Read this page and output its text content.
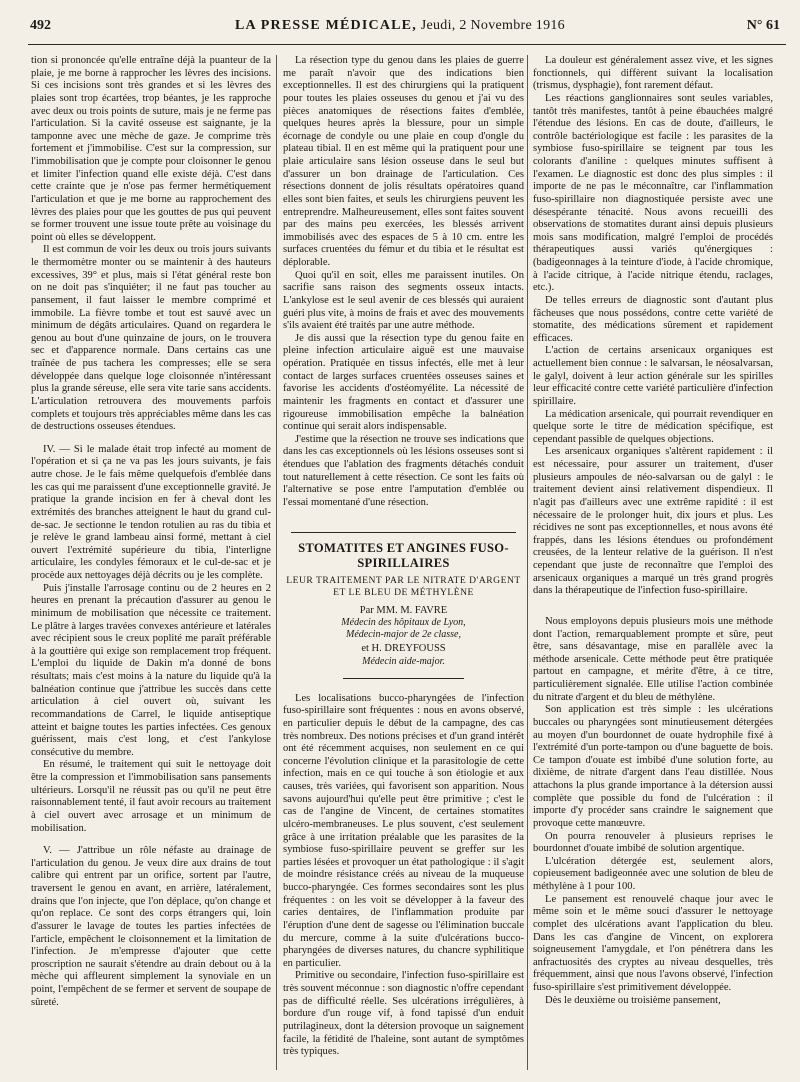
492	LA PRESSE MÉDICALE, Jeudi, 2 Novembre 1916	N° 61

tion si prononcée qu'elle entraîne déjà la puanteur de la plaie, je me borne à rapprocher les lèvres des incisions. Si ces incisions sont très grandes et si les lèvres des plaies sont trop écartées, trop béantes, je les rapproche avec deux ou trois points de suture, mais je ne ferme pas l'articulation. Si la cavité osseuse est saignante, je la tamponne avec une mèche de gaze. Je comprime très fortement et j'immobilise. C'est sur la compression, sur l'immobilisation que je compte pour cloisonner le genou et limiter l'infection quand elle existe déjà. C'est dans cette crainte que je n'ose pas fermer hermétiquement l'articulation et que je me borne au rapprochement des lèvres des plaies pour que les gouttes de pus qui peuvent se former trouvent une issue toute prête au voisinage du point où elles se développent.

Il est commun de voir les deux ou trois jours suivants le thermomètre monter ou se maintenir à des hauteurs excessives, 39° et plus, mais si l'état général reste bon on ne doit pas s'inquiéter; il ne faut pas toucher au pansement, il faut laisser le membre comprimé et immobile. La fièvre tombe et tout est sauvé avec un minimum de dégâts articulaires. Quand on regardera le genou au bout d'une quinzaine de jours, on le trouvera sec et d'apparence normale. Dans certains cas une traînée de pus tachera les compresses; elle se sera développée dans quelque loge cloisonnée n'intéressant plus la grande séreuse, elle sera vite tarie sans accidents. L'articulation retrouvera des mouvements parfois complets et toujours très appréciables même dans les cas de destructions osseuses étendues.

IV. — Si le malade était trop infecté au moment de l'opération et si ça ne va pas les jours suivants, je fais autre chose. Je le fais même quelquefois d'emblée dans les cas qui me paraissent d'une exceptionnelle gravité. Je pratique la grande incision en fer à cheval dont les extrémités des branches atteignent le haut du grand cul-de-sac. Je sectionne le tendon rotulien au ras du tibia et je relève le grand lambeau ainsi formé, mettant à ciel ouvert l'extrémité supérieure du tibia, l'interligne articulaire, les condyles fémoraux et le cul-de-sac et je procède aux nettoyages déjà décrits ou je les complète.

Puis j'installe l'arrosage continu ou de 2 heures en 2 heures en prenant la précaution d'assurer au genou le minimum de mobilisation que nécessite ce traitement. Le plâtre à larges travées convexes antérieure et latérales avec récipient sous le creux poplité me paraît préférable à la gouttière qui exige son remplacement trop fréquent. L'emploi du liquide de Dakin m'a donné de bons résultats; mais c'est moins à la nature du liquide qu'à la balnéation continue que j'attribue les succès dans cette articulation à ciel ouvert où, suivant les recommandations de Carrel, le liquide antiseptique atteint et baigne toutes les parties infectées. Ces genoux guérissent, mais c'est long, et c'est l'ankylose consécutive du membre.

En résumé, le traitement qui suit le nettoyage doit être la compression et l'immobilisation sans pansements ultérieurs. Lorsqu'il ne réussit pas ou qu'il ne peut être raisonnablement tenté, il faut avoir recours au traitement à ciel ouvert avec arrosage et un minimum de mobilisation.

V. — J'attribue un rôle néfaste au drainage de l'articulation du genou. Je veux dire aux drains de tout calibre qui entrent par un orifice, sortent par l'autre, traversent le genou en avant, en arrière, latéralement, drains que l'on injecte, que l'on déplace, qu'on change et qu'on replace. Ce sont des corps étrangers qui, loin d'assurer le lavage de toutes les parties infectées de l'article, empêchent le cloisonnement et la limitation de l'infection. Je m'empresse d'ajouter que cette proscription ne saurait s'étendre au drain debout ou à la mèche qui affleurent simplement la synoviale en un point, l'empêchent de se fermer et servent de soupape de sûreté.

La résection type du genou dans les plaies de guerre me paraît n'avoir que des indications bien exceptionnelles. Il est des chirurgiens qui la pratiquent pour toutes les plaies osseuses du genou et j'ai vu des pièces anatomiques de résections faites d'emblée, quelques heures après la blessure, pour un simple écornage de condyle ou une plaie en coup d'ongle du plateau tibial. Il en est même qui la pratiquent pour une plaie articulaire sans lésion osseuse dans le seul but d'assurer un bon drainage de l'articulation. Ces résections donnent de jolis résultats opératoires quand elles sont bien faites, et seuls les chirurgiens peuvent les entreprendre. Malheureusement, elles sont faites souvent par des mains peu exercées, les blessés arrivent immobilisés avec des espaces de 5 à 10 cm. entre les surfaces cruentées du fémur et du tibia et le résultat est déplorable.

Quoi qu'il en soit, elles me paraissent inutiles. On sacrifie sans raison des segments osseux intacts. L'ankylose est le seul avenir de ces blessés qui auraient guéri plus vite, à moins de frais et avec des mouvements s'ils avaient été traités par une autre méthode.

Je dis aussi que la résection type du genou faite en pleine infection articulaire aiguë est une mauvaise opération. Pratiquée en tissus infectés, elle met à leur contact de larges surfaces cruentées osseuses saines et favorise les accidents d'ostéomyélite. La nécessité de maintenir les fragments en contact et d'assurer une rigoureuse immobilisation empêche la balnéation continue qui serait alors indispensable.

J'estime que la résection ne trouve ses indications que dans les cas exceptionnels où les lésions osseuses sont si étendues que l'ablation des fragments détachés conduit tout naturellement à cette résection. Ce sont les faits où l'alternative se pose entre l'amputation d'emblée ou l'essai momentané d'une résection.

STOMATITES ET ANGINES FUSO-SPIRILLAIRES
LEUR TRAITEMENT PAR LE NITRATE D'ARGENT
ET LE BLEU DE MÉTHYLÈNE
Par MM. M. FAVRE
Médecin des hôpitaux de Lyon,
Médecin-major de 2e classe,
et H. DREYFOUSS
Médecin aide-major.

Les localisations bucco-pharyngées de l'infection fuso-spirillaire sont fréquentes : nous en avons observé, en particulier depuis le début de la campagne, des cas très nombreux. Des notions précises et d'un grand intérêt ont été récemment acquises, non seulement en ce qui concerne l'évolution clinique et la parasitologie de cette infection, mais en ce qui touche à son étiologie et aux causes, très variées, qui favorisent son apparition. Nous savons aujourd'hui qu'elle peut être primitive ; c'est le cas de l'angine de Vincent, de certaines stomatites ulcéro-membraneuses. Le plus souvent, c'est seulement grâce à une irritation préalable que les parasites de la symbiose fuso-spirillaire peuvent se greffer sur les parties lésées et provoquer un état pathologique : il s'agit de moindre résistance créés au niveau de la muqueuse bucco-pharyngée. Ces formes secondaires sont les plus fréquentes : on les voit se développer à la faveur des caries dentaires, de l'inflammation produite par l'éruption d'une dent de sagesse ou l'élimination buccale du mercure, comme à la suite d'ulcérations bucco-pharyngées de diverses natures, du chancre syphilitique en particulier.

Primitive ou secondaire, l'infection fuso-spirillaire est très souvent méconnue : son diagnostic n'offre cependant pas de difficulté réelle. Ses ulcérations irrégulières, à bordure d'un rouge vif, à fond tapissé d'un enduit putrilagineux, dont la détersion provoque un saignement facile, la fétidité de l'haleine, sont autant de symptômes très typiques.

La douleur est généralement assez vive, et les signes fonctionnels, qui diffèrent suivant la localisation (trismus, dysphagie), font rarement défaut.

Les réactions ganglionnaires sont seules variables, tantôt très manifestes, tantôt à peine ébauchées malgré l'étendue des lésions. En cas de doute, d'ailleurs, le contrôle bactériologique est facile : les parasites de la symbiose fuso-spirillaire se teignent par tous les colorants d'aniline : quelques minutes suffisent à l'examen. Le diagnostic est donc des plus simples : il importe de ne pas le méconnaître, car l'inflammation fuso-spirillaire non diagnostiquée persiste avec une désespérante ténacité. Nous avons recueilli des observations de stomatites durant ainsi depuis plusieurs mois sans modification, malgré l'emploi de procédés thérapeutiques aussi variés qu'énergiques : (badigeonnages à la teinture d'iode, à l'acide chromique, à l'acide citrique, à l'acide nitrique étendu, raclages, etc.).

De telles erreurs de diagnostic sont d'autant plus fâcheuses que nous possédons, contre cette variété de stomatite, des médications sûrement et rapidement efficaces.

L'action de certains arsenicaux organiques est actuellement bien connue : le salvarsan, le néosalvarsan, le galyl, doivent à leur action générale sur les spirilles leur efficacité contre cette variété particulière d'infection spirillaire.

La médication arsenicale, qui pourrait revendiquer en quelque sorte le titre de médication spécifique, est cependant passible de quelques objections.

Les arsenicaux organiques s'altèrent rapidement : il est nécessaire, pour assurer un traitement, d'user plusieurs ampoules de néo-salvarsan ou de galyl : le traitement devient ainsi relativement dispendieux. Il n'agit pas d'ailleurs avec une extrême rapidité : il est nécessaire de le prolonger huit, dix jours et plus. Les récidives ne sont pas exceptionnelles, et nous avons été frappés, dans les lésions étendues ou profondément creusées, de la lenteur relative de la guérison. Il n'est cependant que juste de reconnaître que l'emploi des arsenicaux organiques a marqué un très grand progrès dans la thérapeutique de l'infection fuso-spirillaire.

Nous employons depuis plusieurs mois une méthode dont l'action, remarquablement prompte et sûre, peut être, sans désavantage, mise en parallèle avec la méthode arsenicale. Cette méthode peut être pratiquée partout en campagne, et mérite d'être, à ce titre, particulièrement signalée. Elle utilise l'action combinée du nitrate d'argent et du bleu de méthylène.

Son application est très simple : les ulcérations buccales ou pharyngées sont minutieusement détergées au moyen d'un bourdonnet de ouate hydrophile fixé à l'extrémité d'un porte-tampon ou d'une baguette de bois. Ce tampon d'ouate est imbibé d'une solution forte, au dixième, de nitrate d'argent dans l'eau distillée. Nous attachons la plus grande importance à la détersion aussi complète que possible du fond de l'ulcération : il importe d'y procéder sans craindre le saignement que provoque cette manœuvre.

On pourra renouveler à plusieurs reprises le bourdonnet d'ouate imbibé de solution argentique.

L'ulcération détergée est, seulement alors, copieusement badigeonnée avec une solution de bleu de méthylène à 1 pour 100.

Le pansement est renouvelé chaque jour avec le même soin et le même souci d'assurer le nettoyage complet des ulcérations avant l'application du bleu. Dans les cas d'angine de Vincent, on explorera soigneusement l'amygdale, et l'on pénétrera dans les anfractuosités des cryptes au niveau desquelles, très fréquemment, ainsi que nous l'avons observé, l'infection fuso-spirillaire s'est primitivement développée.

Dès le deuxième ou troisième pansement,
